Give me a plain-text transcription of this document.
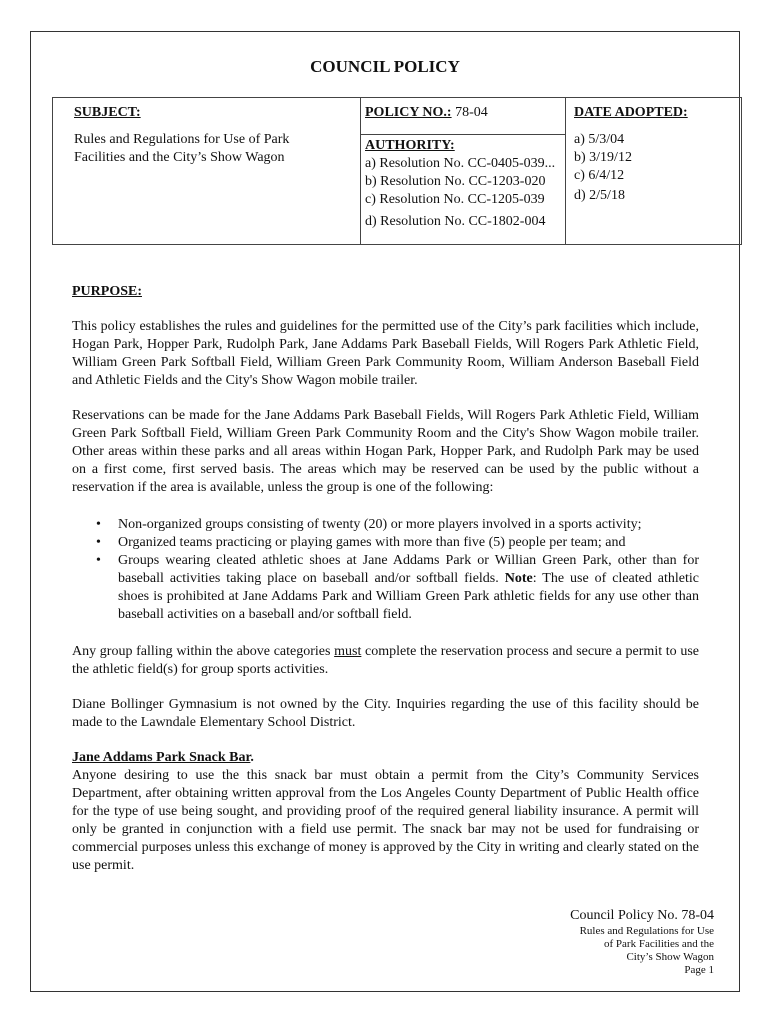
COUNCIL POLICY
SUBJECT:
Rules and Regulations for Use of Park Facilities and the City’s Show Wagon
POLICY NO.: 78-04
AUTHORITY:
a) Resolution No. CC-0405-039...
b) Resolution No. CC-1203-020
c) Resolution No. CC-1205-039
d) Resolution No. CC-1802-004
DATE ADOPTED:
a) 5/3/04
b) 3/19/12
c) 6/4/12
d) 2/5/18
PURPOSE:

This policy establishes the rules and guidelines for the permitted use of the City’s park facilities which include, Hogan Park, Hopper Park, Rudolph Park, Jane Addams Park Baseball Fields, Will Rogers Park Athletic Field, William Green Park Softball Field, William Green Park Community Room, William Anderson Baseball Field and Athletic Fields and the City's Show Wagon mobile trailer.

Reservations can be made for the Jane Addams Park Baseball Fields, Will Rogers Park Athletic Field, William Green Park Softball Field, William Green Park Community Room and the City's Show Wagon mobile trailer. Other areas within these parks and all areas within Hogan Park, Hopper Park, and Rudolph Park may be used on a first come, first served basis. The areas which may be reserved can be used by the public without a reservation if the area is available, unless the group is one of the following:

• Non-organized groups consisting of twenty (20) or more players involved in a sports activity;
• Organized teams practicing or playing games with more than five (5) people per team; and
• Groups wearing cleated athletic shoes at Jane Addams Park or Willian Green Park, other than for baseball activities taking place on baseball and/or softball fields. Note: The use of cleated athletic shoes is prohibited at Jane Addams Park and William Green Park athletic fields for any use other than baseball activities on a baseball and/or softball field.

Any group falling within the above categories must complete the reservation process and secure a permit to use the athletic field(s) for group sports activities.

Diane Bollinger Gymnasium is not owned by the City. Inquiries regarding the use of this facility should be made to the Lawndale Elementary School District.

Jane Addams Park Snack Bar.

Anyone desiring to use the this snack bar must obtain a permit from the City’s Community Services Department, after obtaining written approval from the Los Angeles County Department of Public Health office for the type of use being sought, and providing proof of the required general liability insurance. A permit will only be granted in conjunction with a field use permit. The snack bar may not be used for fundraising or commercial purposes unless this exchange of money is approved by the City in writing and clearly stated on the use permit.

Council Policy No. 78-04
Rules and Regulations for Use
of Park Facilities and the
City’s Show Wagon
Page 1
